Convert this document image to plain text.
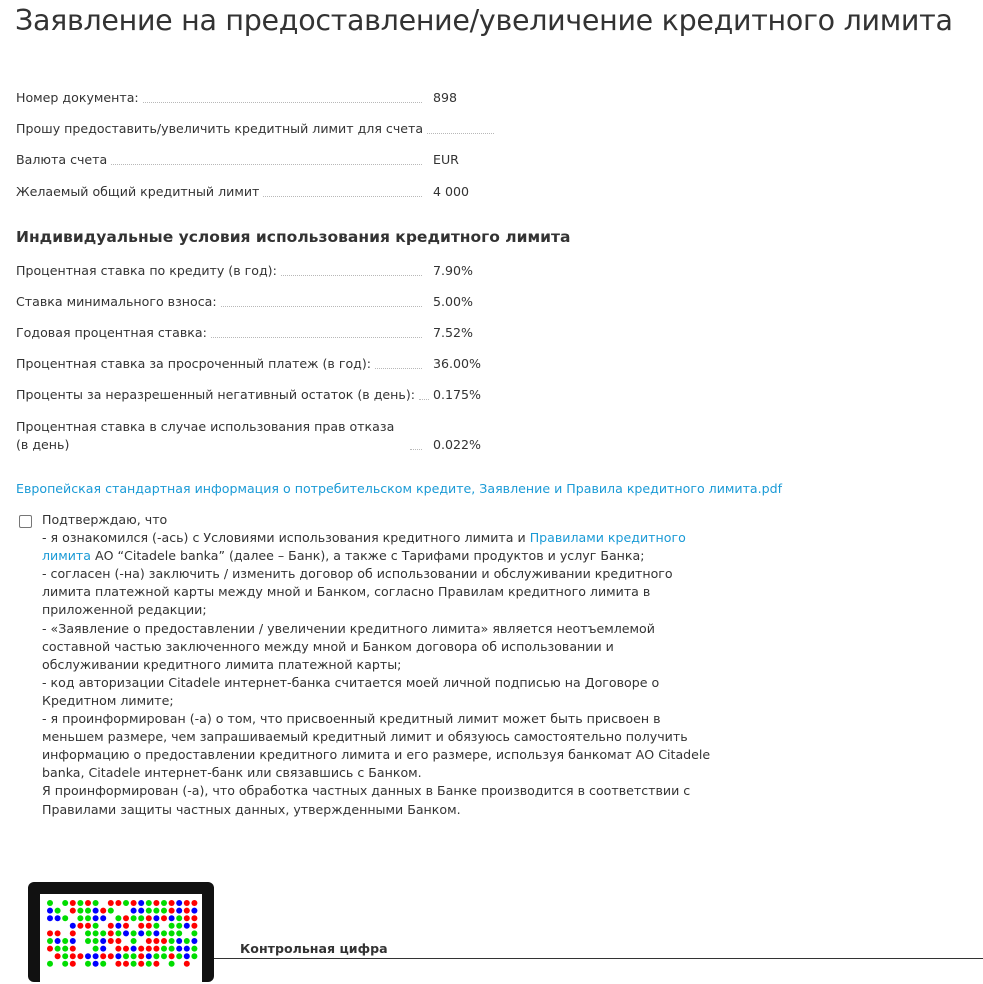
Заявление на предоставление/увеличение кредитного лимита
Номер документа:	898
Прошу предоставить/увеличить кредитный лимит для счета
Валюта счета	EUR
Желаемый общий кредитный лимит	4 000
Индивидуальные условия использования кредитного лимита
Процентная ставка по кредиту (в год):	7.90%
Ставка минимального взноса:	5.00%
Годовая процентная ставка:	7.52%
Процентная ставка за просроченный платеж (в год):	36.00%
Проценты за неразрешенный негативный остаток (в день):	0.175%
Процентная ставка в случае использования прав отказа (в день)	0.022%
Европейская стандартная информация о потребительском кредите, Заявление и Правила кредитного лимита.pdf
Подтверждаю, что
- я ознакомился (-ась) с Условиями использования кредитного лимита и Правилами кредитного
лимита АО “Citadele banka” (далее – Банк), а также с Тарифами продуктов и услуг Банка;
- согласен (-на) заключить / изменить договор об использовании и обслуживании кредитного
лимита платежной карты между мной и Банком, согласно Правилам кредитного лимита в
приложенной редакции;
- «Заявление о предоставлении / увеличении кредитного лимита» является неотъемлемой
составной частью заключенного между мной и Банком договора об использовании и
обслуживании кредитного лимита платежной карты;
- код авторизации Citadele интернет-банка считается моей личной подписью на Договоре о
Кредитном лимите;
- я проинформирован (-а) о том, что присвоенный кредитный лимит может быть присвоен в
меньшем размере, чем запрашиваемый кредитный лимит и обязуюсь самостоятельно получить
информацию о предоставлении кредитного лимита и его размере, используя банкомат АО Citadele
banka, Citadele интернет-банк или связавшись с Банком.
Я проинформирован (-а), что обработка частных данных в Банке производится в соответствии с
Правилами защиты частных данных, утвержденными Банком.
Контрольная цифра
